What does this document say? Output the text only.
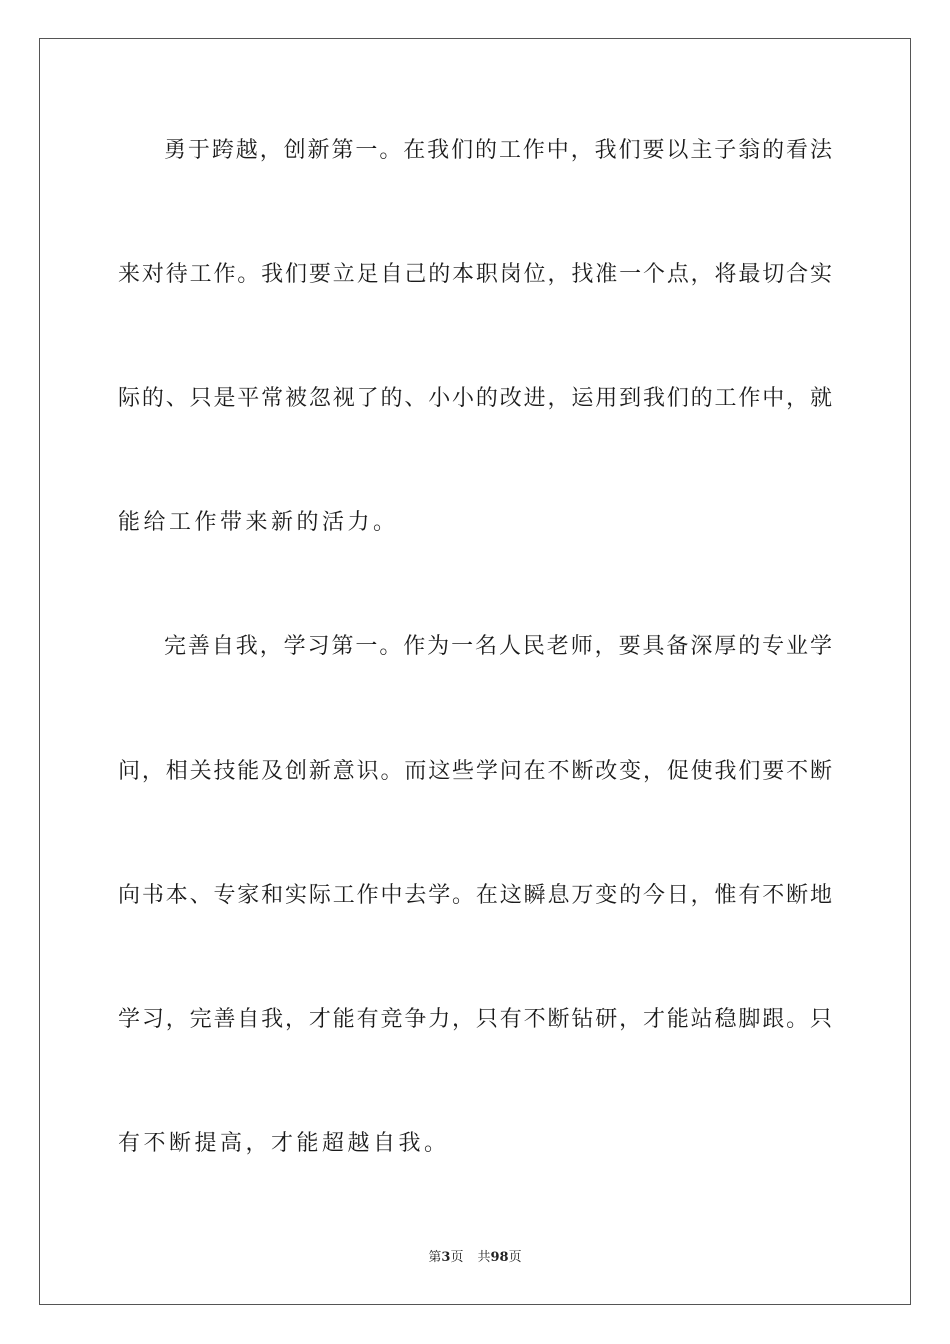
勇于跨越，创新第一。在我们的工作中，我们要以主子翁的看法
来对待工作。我们要立足自己的本职岗位，找准一个点，将最切合实
际的、只是平常被忽视了的、小小的改进，运用到我们的工作中，就
能给工作带来新的活力。
完善自我，学习第一。作为一名人民老师，要具备深厚的专业学
问，相关技能及创新意识。而这些学问在不断改变，促使我们要不断
向书本、专家和实际工作中去学。在这瞬息万变的今日，惟有不断地
学习，完善自我，才能有竞争力，只有不断钻研，才能站稳脚跟。只
有不断提高，才能超越自我。
第3页 共98页
